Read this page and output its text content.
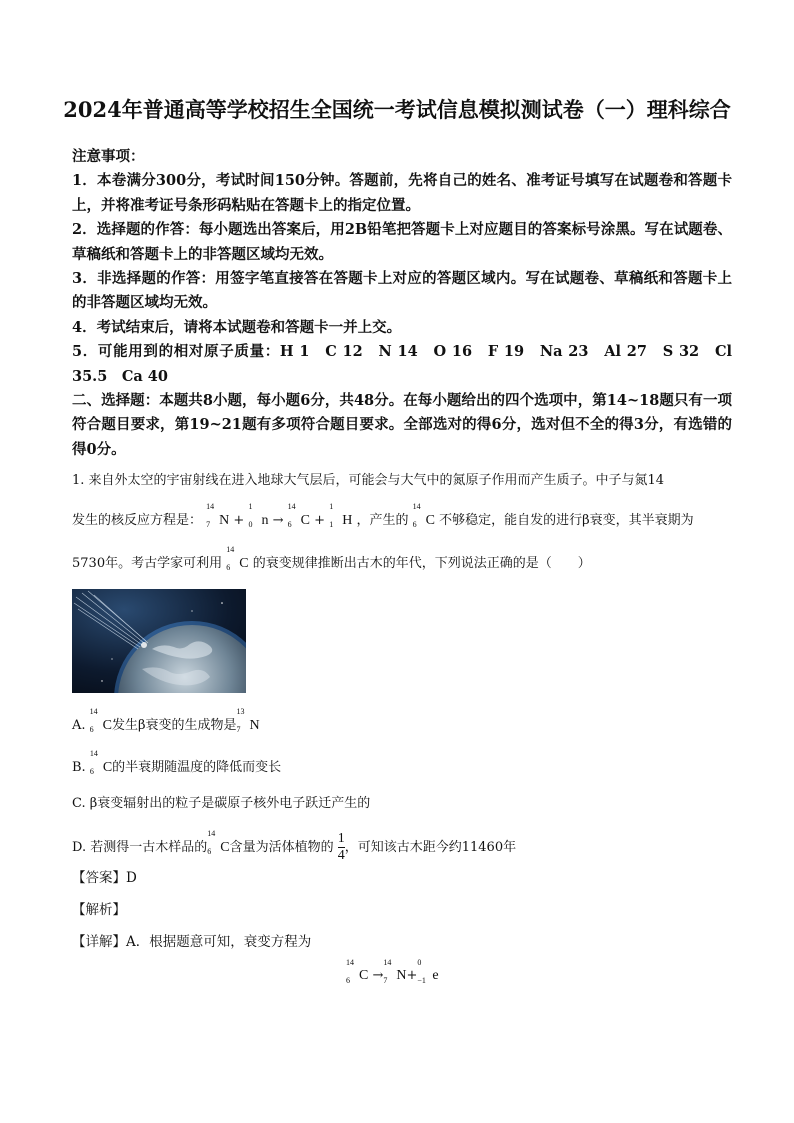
2024年普通高等学校招生全国统一考试信息模拟测试卷（一）理科综合

注意事项：

1．本卷满分300分，考试时间150分钟。答题前，先将自己的姓名、准考证号填写在试题卷和答题卡上，并将准考证号条形码粘贴在答题卡上的指定位置。

2．选择题的作答：每小题选出答案后，用2B铅笔把答题卡上对应题目的答案标号涂黑。写在试题卷、草稿纸和答题卡上的非答题区域均无效。

3．非选择题的作答：用签字笔直接答在答题卡上对应的答题区域内。写在试题卷、草稿纸和答题卡上的非答题区域均无效。

4．考试结束后，请将本试题卷和答题卡一并上交。

5．可能用到的相对原子质量：H 1　C 12　N 14　O 16　F 19　Na 23　Al 27　S 32　Cl 35.5　Ca 40

二、选择题：本题共8小题，每小题6分，共48分。在每小题给出的四个选项中，第14~18题只有一项符合题目要求，第19~21题有多项符合题目要求。全部选对的得6分，选对但不全的得3分，有选错的得0分。

1. 来自外太空的宇宙射线在进入地球大气层后，可能会与大气中的氮原子作用而产生质子。中子与氮14
发生的核反应方程是：
14
7 N +
1
0 n →
14
6 C +
1
1 H ，产生的
14
6 C 不够稳定，能自发的进行β衰变，其半衰期为
5730年。考古学家可利用
14
6 C 的衰变规律推断出古木的年代，下列说法正确的是（　　）
A.
14
6 C发生β衰变的生成物是
13
7 N
B.
14
6 C的半衰期随温度的降低而变长
C. β衰变辐射出的粒子是碳原子核外电子跃迁产生的
D. 若测得一古木样品的
14
6 C含量为活体植物的 $\frac{1}{4}$ ，可知该古木距今约11460年
【答案】D
【解析】
【详解】A．根据题意可知，衰变方程为
14
6 C →
14
7 N+
0
−1 e
